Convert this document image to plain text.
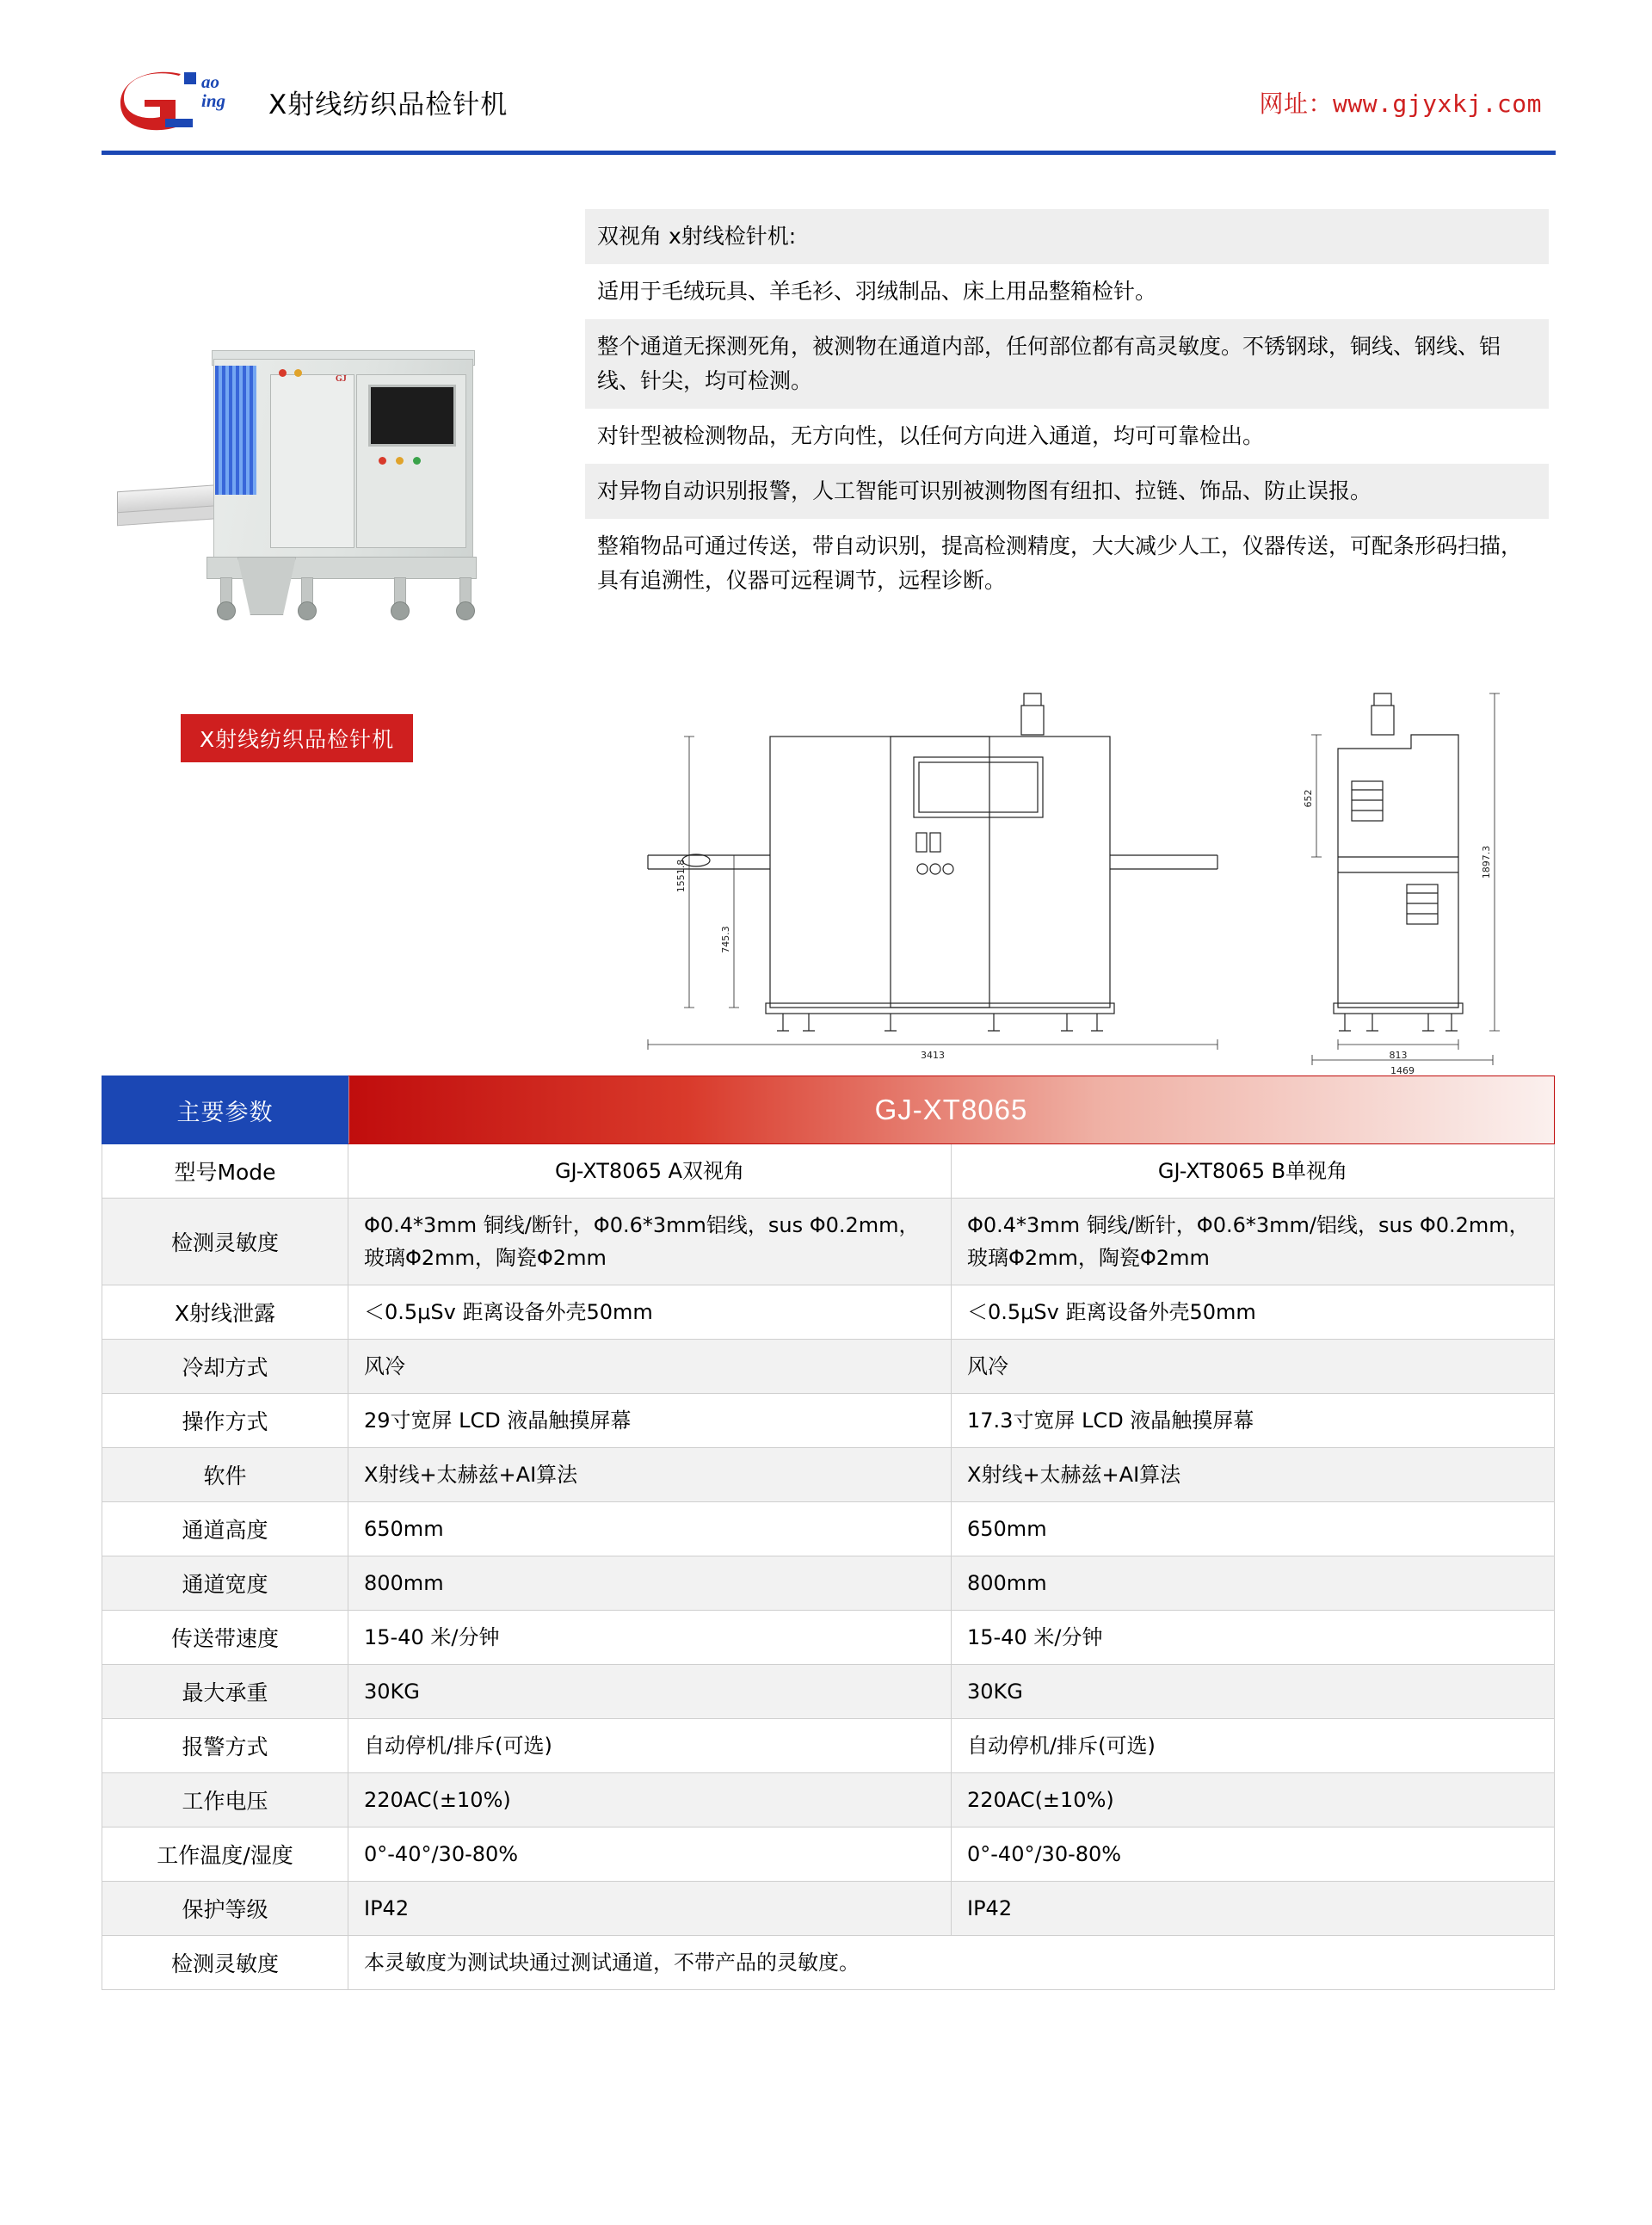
ao
ing X射线纺织品检针机	网址：www.gjyxkj.com
GJ
X射线纺织品检针机
双视角 x射线检针机:
适用于毛绒玩具、羊毛衫、羽绒制品、床上用品整箱检针。
整个通道无探测死角，被测物在通道内部，任何部位都有高灵敏度。不锈钢球，铜线、钢线、铝线、针尖，均可检测。
对针型被检测物品，无方向性，以任何方向进入通道，均可可靠检出。
对异物自动识别报警，人工智能可识别被测物图有纽扣、拉链、饰品、防止误报。
整箱物品可通过传送，带自动识别，提高检测精度，大大减少人工，仪器传送，可配条形码扫描，具有追溯性，仪器可远程调节，远程诊断。
1551.8
745.3
3413
652
1897.3
813
1469
主要参数	GJ-XT8065	
型号Mode	GJ-XT8065 A双视角	GJ-XT8065 B单视角
检测灵敏度	Φ0.4*3mm 铜线/断针，Φ0.6*3mm铝线，sus Φ0.2mm，玻璃Φ2mm，陶瓷Φ2mm	Φ0.4*3mm 铜线/断针，Φ0.6*3mm/铝线，sus Φ0.2mm，玻璃Φ2mm，陶瓷Φ2mm
X射线泄露	＜0.5μSv 距离设备外壳50mm	＜0.5μSv 距离设备外壳50mm
冷却方式	风冷	风冷
操作方式	29寸宽屏 LCD 液晶触摸屏幕	17.3寸宽屏 LCD 液晶触摸屏幕
软件	X射线+太赫兹+AI算法	X射线+太赫兹+AI算法
通道高度	650mm	650mm
通道宽度	800mm	800mm
传送带速度	15-40 米/分钟	15-40 米/分钟
最大承重	30KG	30KG
报警方式	自动停机/排斥(可选)	自动停机/排斥(可选)
工作电压	220AC(±10%)	220AC(±10%)
工作温度/湿度	0°-40°/30-80%	0°-40°/30-80%
保护等级	IP42	IP42
检测灵敏度	本灵敏度为测试块通过测试通道，不带产品的灵敏度。	
